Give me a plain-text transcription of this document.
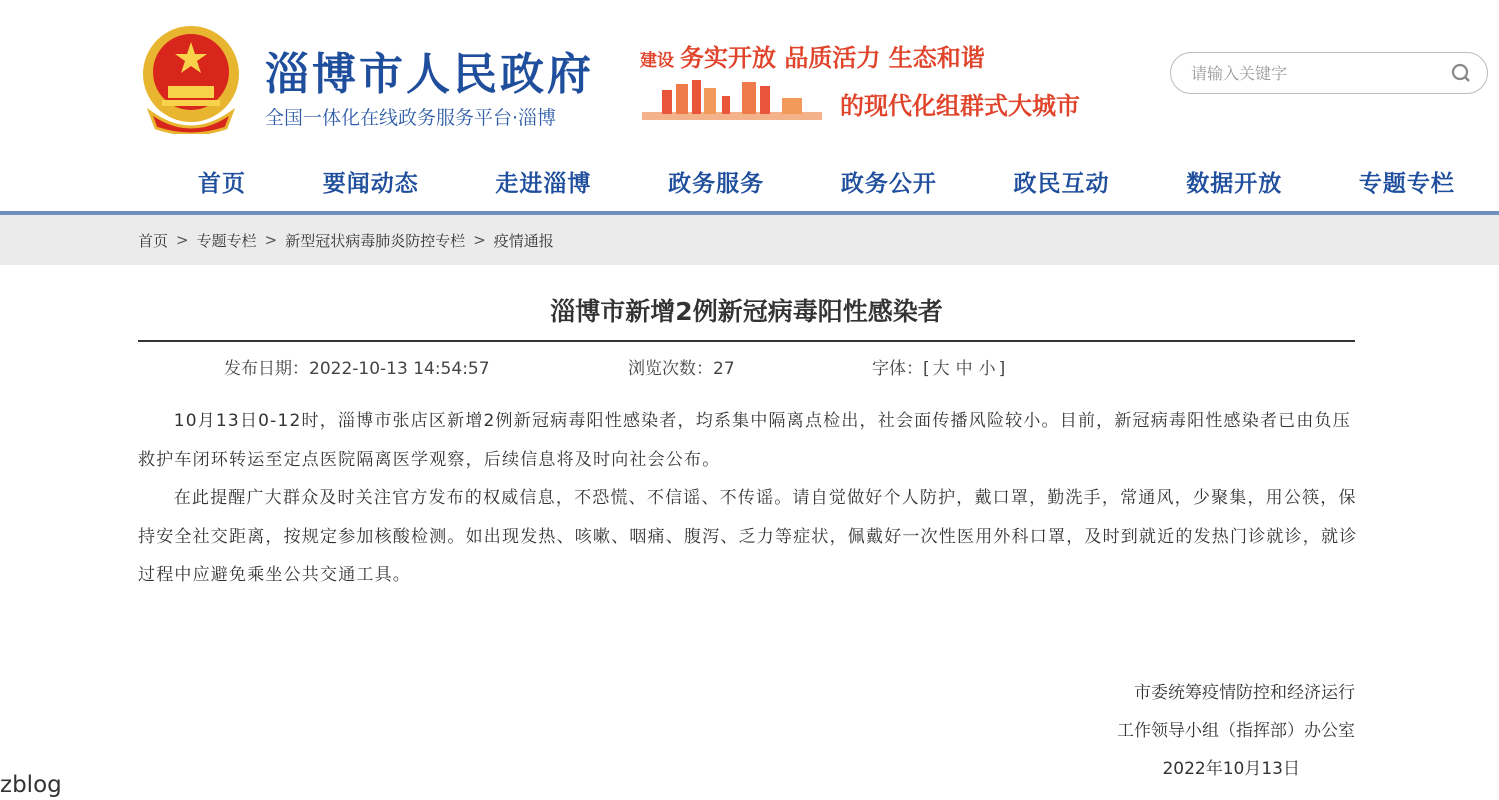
淄博市人民政府
全国一体化在线政务服务平台·淄博
建设 务实开放 品质活力 生态和谐
的现代化组群式大城市
请输入关键字
首页	要闻动态	走进淄博	政务服务	政务公开	政民互动	数据开放	专题专栏
首页 > 专题专栏 > 新型冠状病毒肺炎防控专栏 > 疫情通报
淄博市新增2例新冠病毒阳性感染者
发布日期：2022-10-13 14:54:57	浏览次数：27	字体：[ 大 中 小 ]

10月13日0-12时，淄博市张店区新增2例新冠病毒阳性感染者，均系集中隔离点检出，社会面传播风险较小。目前，新冠病毒阳性感染者已由负压救护车闭环转运至定点医院隔离医学观察，后续信息将及时向社会公布。

在此提醒广大群众及时关注官方发布的权威信息，不恐慌、不信谣、不传谣。请自觉做好个人防护，戴口罩，勤洗手，常通风，少聚集，用公筷，保持安全社交距离，按规定参加核酸检测。如出现发热、咳嗽、咽痛、腹泻、乏力等症状，佩戴好一次性医用外科口罩，及时到就近的发热门诊就诊，就诊过程中应避免乘坐公共交通工具。

市委统筹疫情防控和经济运行
工作领导小组（指挥部）办公室
2022年10月13日
zblog
